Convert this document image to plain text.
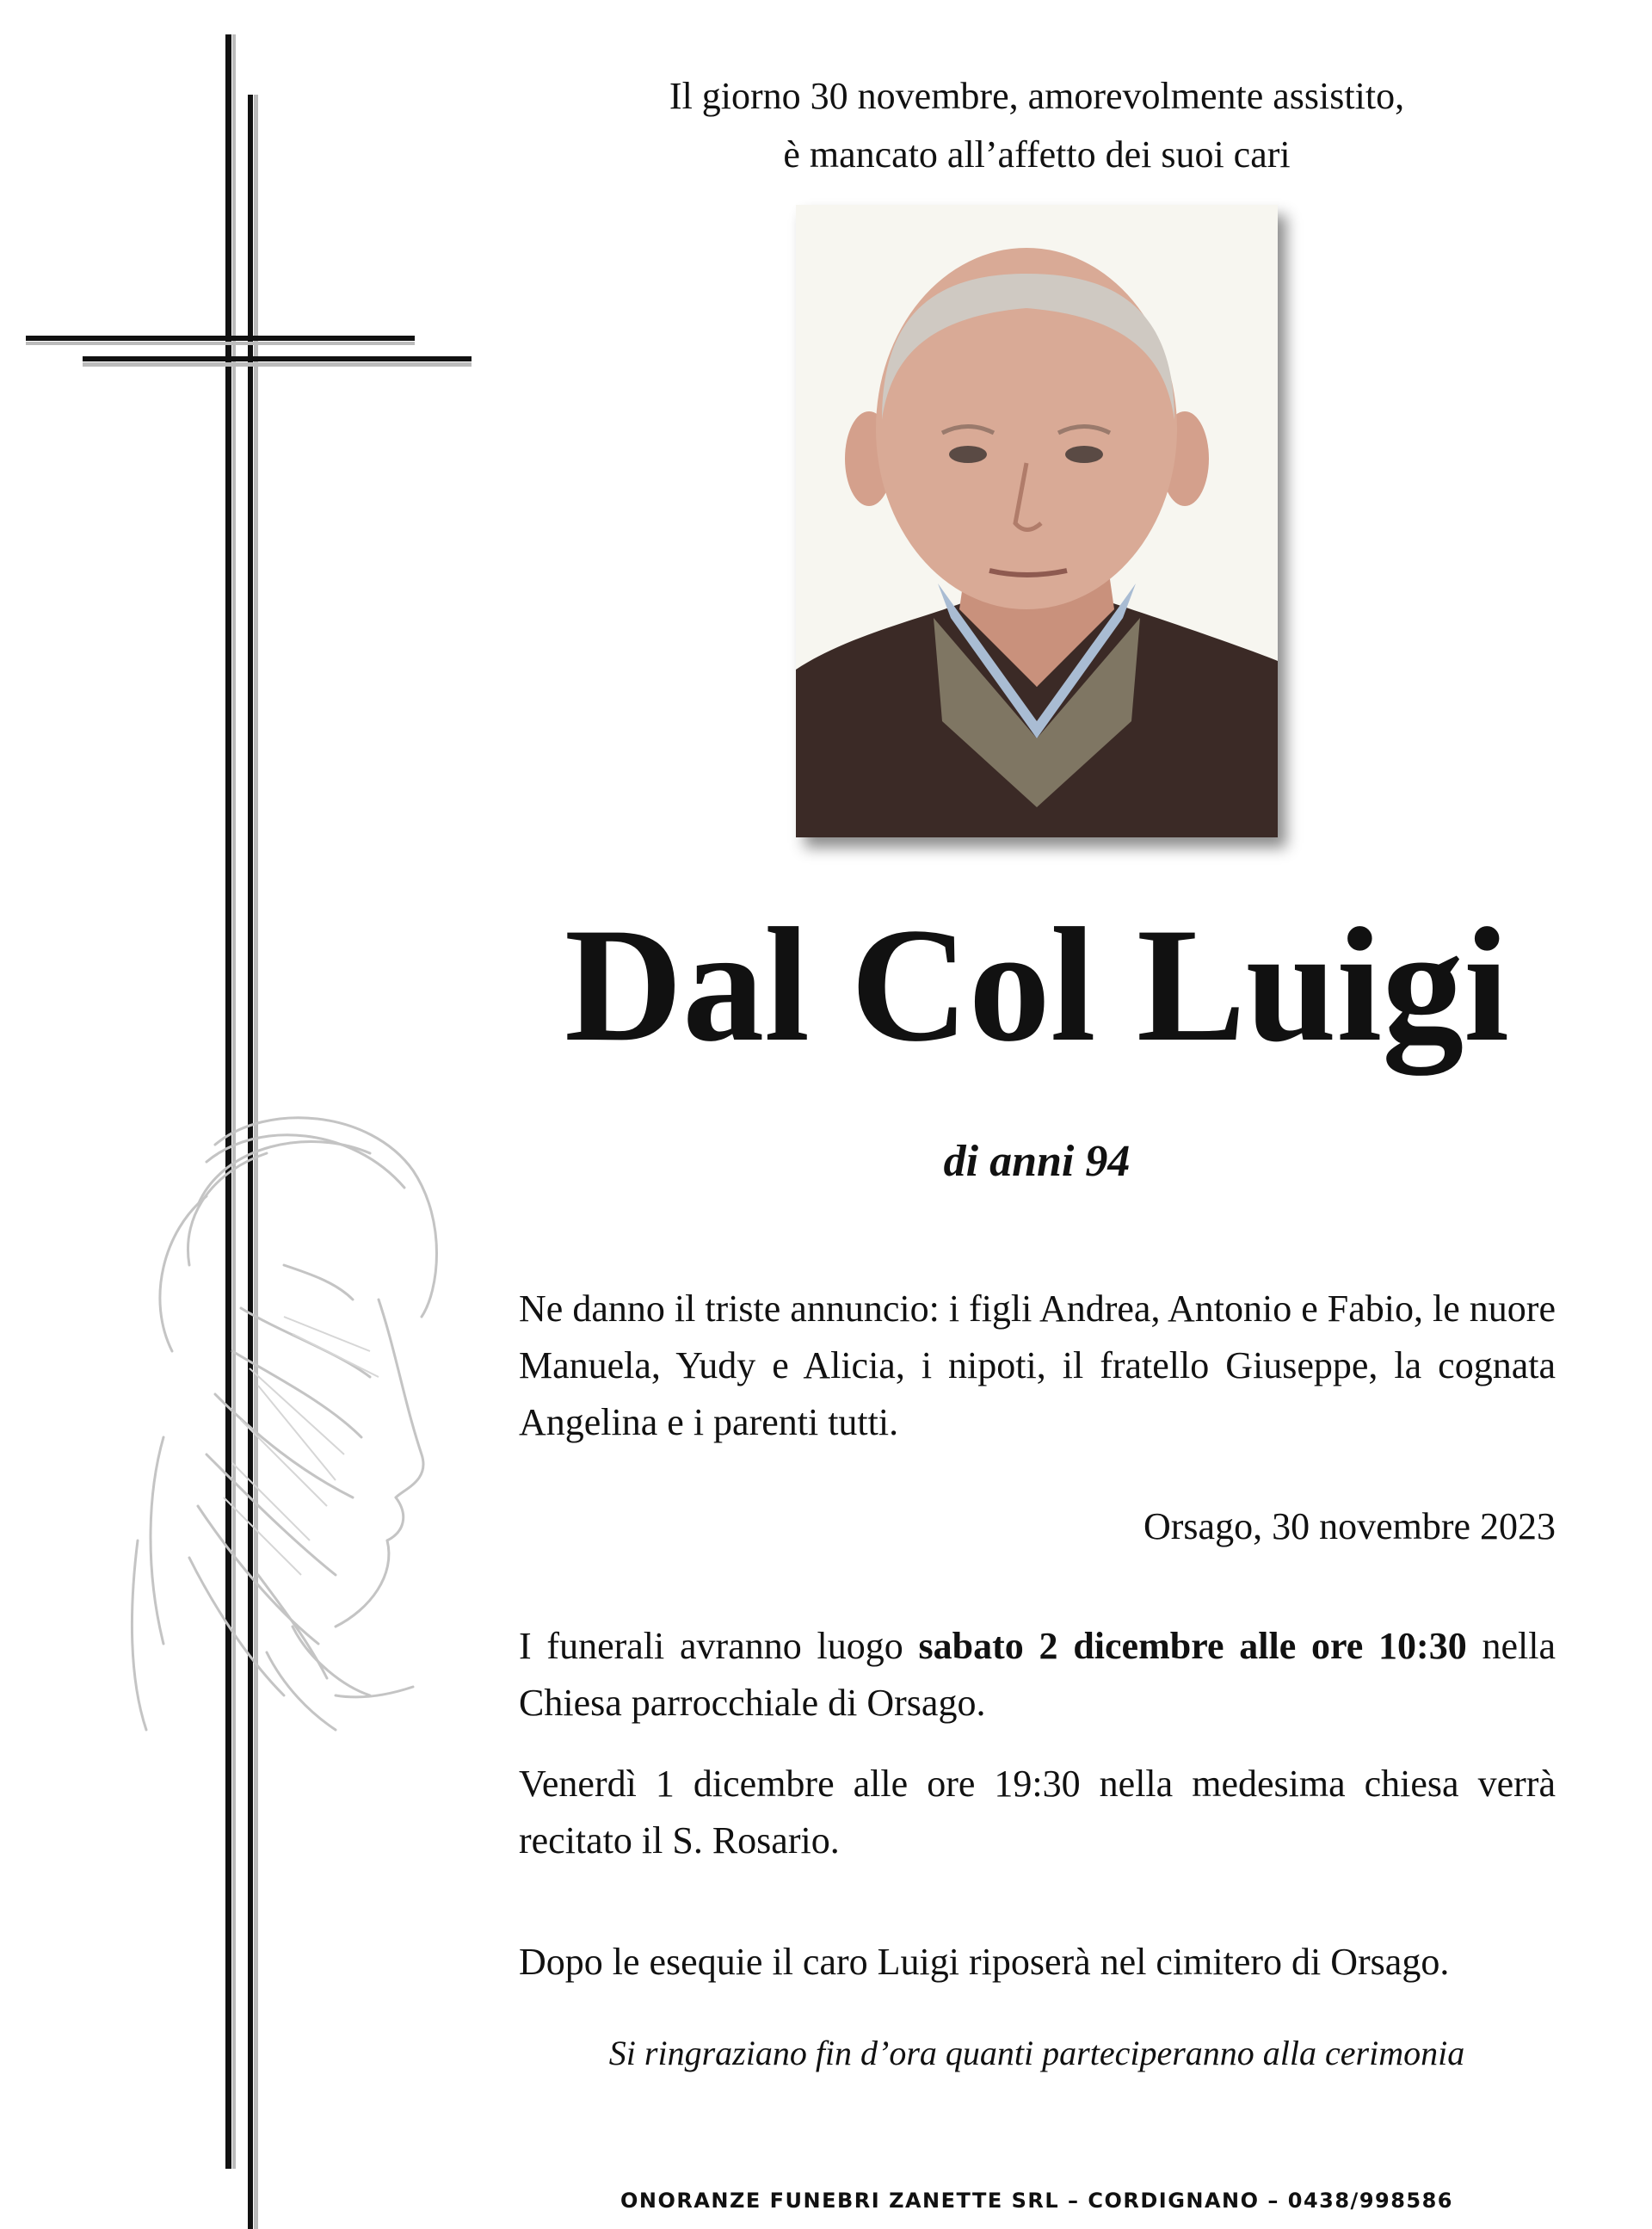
Il giorno 30 novembre, amorevolmente assistito,
è mancato all’affetto dei suoi cari
Dal Col Luigi
di anni 94
Ne danno il triste annuncio: i figli Andrea, Antonio e Fabio, le nuore Manuela, Yudy e Alicia, i nipoti, il fratello Giuseppe, la cognata Angelina e i parenti tutti.
Orsago, 30 novembre 2023
I funerali avranno luogo sabato 2 dicembre alle ore 10:30 nella Chiesa parrocchiale di Orsago.
Venerdì 1 dicembre alle ore 19:30 nella medesima chiesa verrà recitato il S. Rosario.
Dopo le esequie il caro Luigi riposerà nel cimitero di Orsago.
Si ringraziano fin d’ora quanti parteciperanno alla cerimonia
ONORANZE FUNEBRI ZANETTE SRL – CORDIGNANO – 0438/998586
